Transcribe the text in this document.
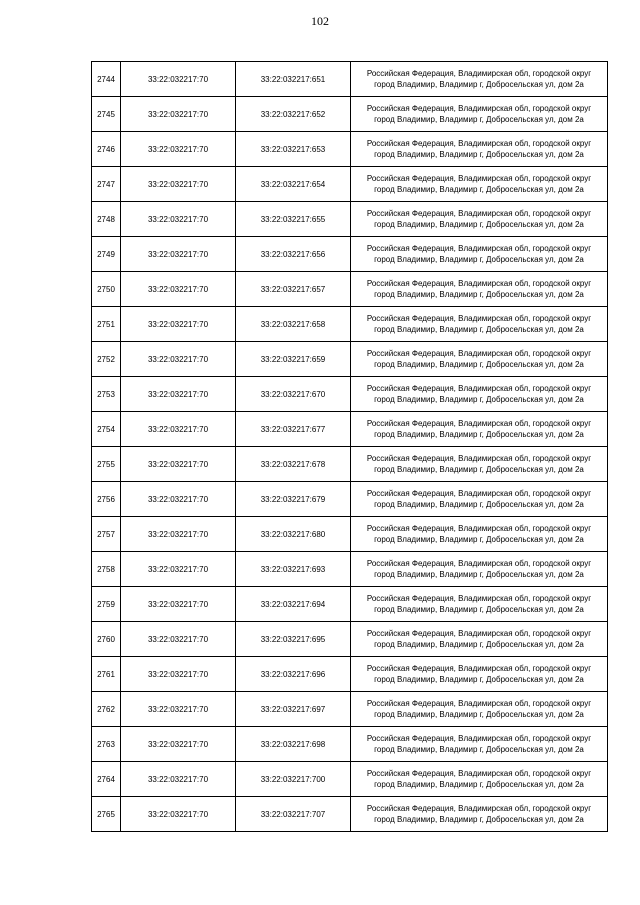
102
2744	33:22:032217:70	33:22:032217:651	Российская Федерация, Владимирская обл, городской округ
город Владимир, Владимир г, Добросельская ул, дом 2а
2745	33:22:032217:70	33:22:032217:652	Российская Федерация, Владимирская обл, городской округ
город Владимир, Владимир г, Добросельская ул, дом 2а
2746	33:22:032217:70	33:22:032217:653	Российская Федерация, Владимирская обл, городской округ
город Владимир, Владимир г, Добросельская ул, дом 2а
2747	33:22:032217:70	33:22:032217:654	Российская Федерация, Владимирская обл, городской округ
город Владимир, Владимир г, Добросельская ул, дом 2а
2748	33:22:032217:70	33:22:032217:655	Российская Федерация, Владимирская обл, городской округ
город Владимир, Владимир г, Добросельская ул, дом 2а
2749	33:22:032217:70	33:22:032217:656	Российская Федерация, Владимирская обл, городской округ
город Владимир, Владимир г, Добросельская ул, дом 2а
2750	33:22:032217:70	33:22:032217:657	Российская Федерация, Владимирская обл, городской округ
город Владимир, Владимир г, Добросельская ул, дом 2а
2751	33:22:032217:70	33:22:032217:658	Российская Федерация, Владимирская обл, городской округ
город Владимир, Владимир г, Добросельская ул, дом 2а
2752	33:22:032217:70	33:22:032217:659	Российская Федерация, Владимирская обл, городской округ
город Владимир, Владимир г, Добросельская ул, дом 2а
2753	33:22:032217:70	33:22:032217:670	Российская Федерация, Владимирская обл, городской округ
город Владимир, Владимир г, Добросельская ул, дом 2а
2754	33:22:032217:70	33:22:032217:677	Российская Федерация, Владимирская обл, городской округ
город Владимир, Владимир г, Добросельская ул, дом 2а
2755	33:22:032217:70	33:22:032217:678	Российская Федерация, Владимирская обл, городской округ
город Владимир, Владимир г, Добросельская ул, дом 2а
2756	33:22:032217:70	33:22:032217:679	Российская Федерация, Владимирская обл, городской округ
город Владимир, Владимир г, Добросельская ул, дом 2а
2757	33:22:032217:70	33:22:032217:680	Российская Федерация, Владимирская обл, городской округ
город Владимир, Владимир г, Добросельская ул, дом 2а
2758	33:22:032217:70	33:22:032217:693	Российская Федерация, Владимирская обл, городской округ
город Владимир, Владимир г, Добросельская ул, дом 2а
2759	33:22:032217:70	33:22:032217:694	Российская Федерация, Владимирская обл, городской округ
город Владимир, Владимир г, Добросельская ул, дом 2а
2760	33:22:032217:70	33:22:032217:695	Российская Федерация, Владимирская обл, городской округ
город Владимир, Владимир г, Добросельская ул, дом 2а
2761	33:22:032217:70	33:22:032217:696	Российская Федерация, Владимирская обл, городской округ
город Владимир, Владимир г, Добросельская ул, дом 2а
2762	33:22:032217:70	33:22:032217:697	Российская Федерация, Владимирская обл, городской округ
город Владимир, Владимир г, Добросельская ул, дом 2а
2763	33:22:032217:70	33:22:032217:698	Российская Федерация, Владимирская обл, городской округ
город Владимир, Владимир г, Добросельская ул, дом 2а
2764	33:22:032217:70	33:22:032217:700	Российская Федерация, Владимирская обл, городской округ
город Владимир, Владимир г, Добросельская ул, дом 2а
2765	33:22:032217:70	33:22:032217:707	Российская Федерация, Владимирская обл, городской округ
город Владимир, Владимир г, Добросельская ул, дом 2а
